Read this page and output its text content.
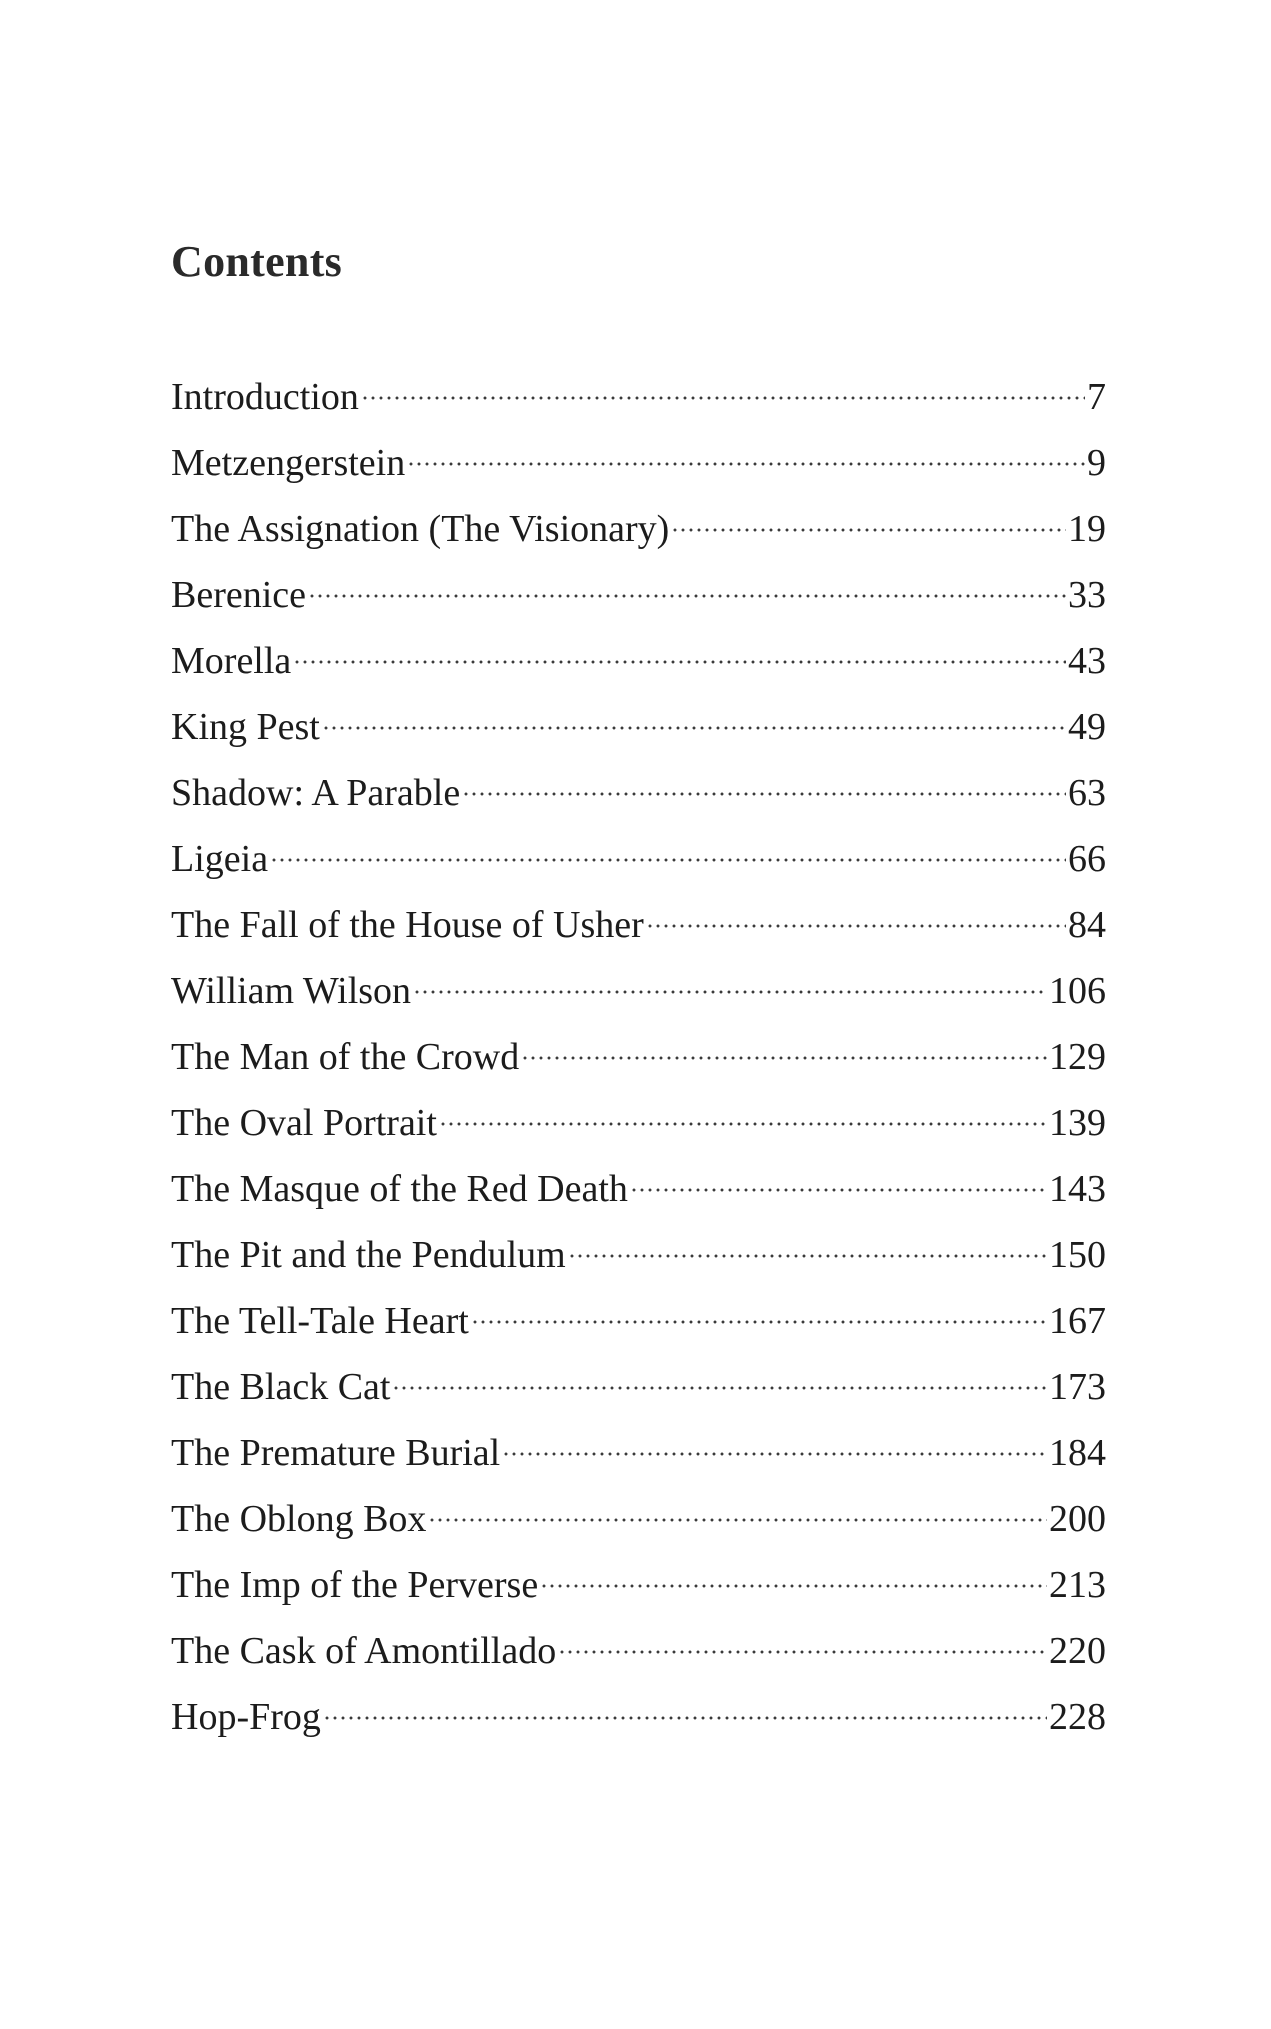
Contents
Introduction	7
Metzengerstein	9
The Assignation (The Visionary)	19
Berenice	33
Morella	43
King Pest	49
Shadow: A Parable	63
Ligeia	66
The Fall of the House of Usher	84
William Wilson	106
The Man of the Crowd	129
The Oval Portrait	139
The Masque of the Red Death	143
The Pit and the Pendulum	150
The Tell-Tale Heart	167
The Black Cat	173
The Premature Burial	184
The Oblong Box	200
The Imp of the Perverse	213
The Cask of Amontillado	220
Hop-Frog	228
